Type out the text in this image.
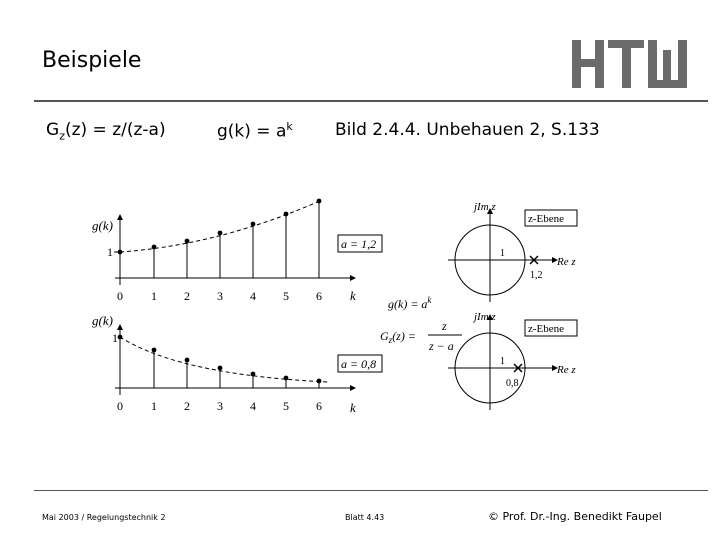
Beispiele
$G_z(z) = z/(z-a)$	$g(k) = a^k$ Bild 2.4.4. Unbehauen 2, S.133
g(k)
1
a = 1,2
k
0 1 2 3 4 5 6
g(k)
1
a = 0,8
k
0 1 2 3 4 5 6
$g(k) = a^k$
$G_z(z)$ =
z
z − a
jIm z
z-Ebene
Re z
1
1,2
jIm z
z-Ebene
Re z
1
0,8
Mai 2003 / Regelungstechnik 2	Blatt 4.43	© Prof. Dr.-Ing. Benedikt Faupel
